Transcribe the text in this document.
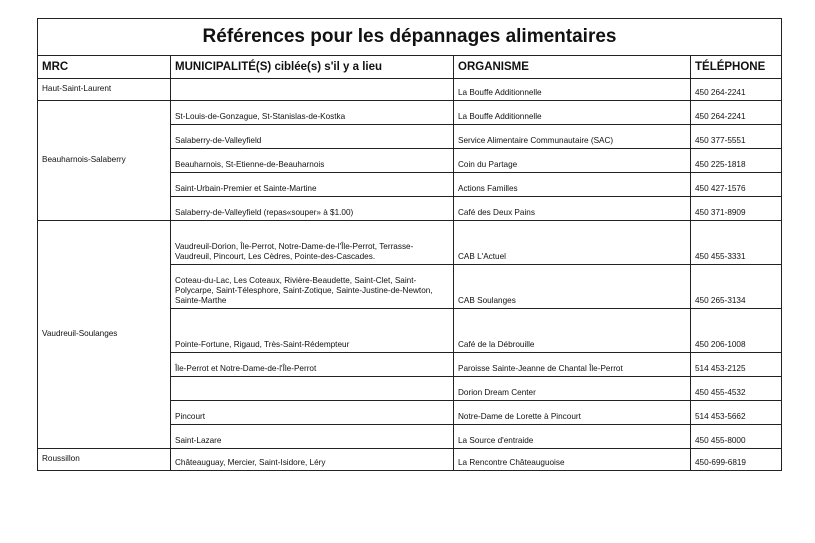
Références pour les dépannages alimentaires			
MRC	MUNICIPALITÉ(S) ciblée(s) s'il y a lieu	ORGANISME	TÉLÉPHONE
Haut-Saint-Laurent		La Bouffe Additionnelle	450 264-2241
Beauharnois-Salaberry	St-Louis-de-Gonzague, St-Stanislas-de-Kostka	La Bouffe Additionnelle	450 264-2241
	Salaberry-de-Valleyfield	Service Alimentaire Communautaire (SAC)	450 377-5551
	Beauharnois, St-Etienne-de-Beauharnois	Coin du Partage	450 225-1818
	Saint-Urbain-Premier et Sainte-Martine	Actions Familles	450 427-1576
	Salaberry-de-Valleyfield (repas«souper» à $1.00)	Café des Deux Pains	450 371-8909
Vaudreuil-Soulanges	Vaudreuil-Dorion, Île-Perrot, Notre-Dame-de-l'Île-Perrot, Terrasse-Vaudreuil, Pincourt, Les Cèdres, Pointe-des-Cascades.	CAB L'Actuel	450 455-3331
	Coteau-du-Lac, Les Coteaux, Rivière-Beaudette, Saint-Clet, Saint-Polycarpe, Saint-Télesphore, Saint-Zotique, Sainte-Justine-de-Newton, Sainte-Marthe	CAB Soulanges	450 265-3134
	Pointe-Fortune, Rigaud, Très-Saint-Rédempteur	Café de la Débrouille	450 206-1008
	Île-Perrot et Notre-Dame-de-l'Île-Perrot	Paroisse Sainte-Jeanne de Chantal Île-Perrot	514 453-2125
		Dorion Dream Center	450 455-4532
	Pincourt	Notre-Dame de Lorette à Pincourt	514 453-5662
	Saint-Lazare	La Source d'entraide	450 455-8000
Roussillon	Châteauguay, Mercier, Saint-Isidore, Léry	La Rencontre Châteauguoise	450-699-6819
